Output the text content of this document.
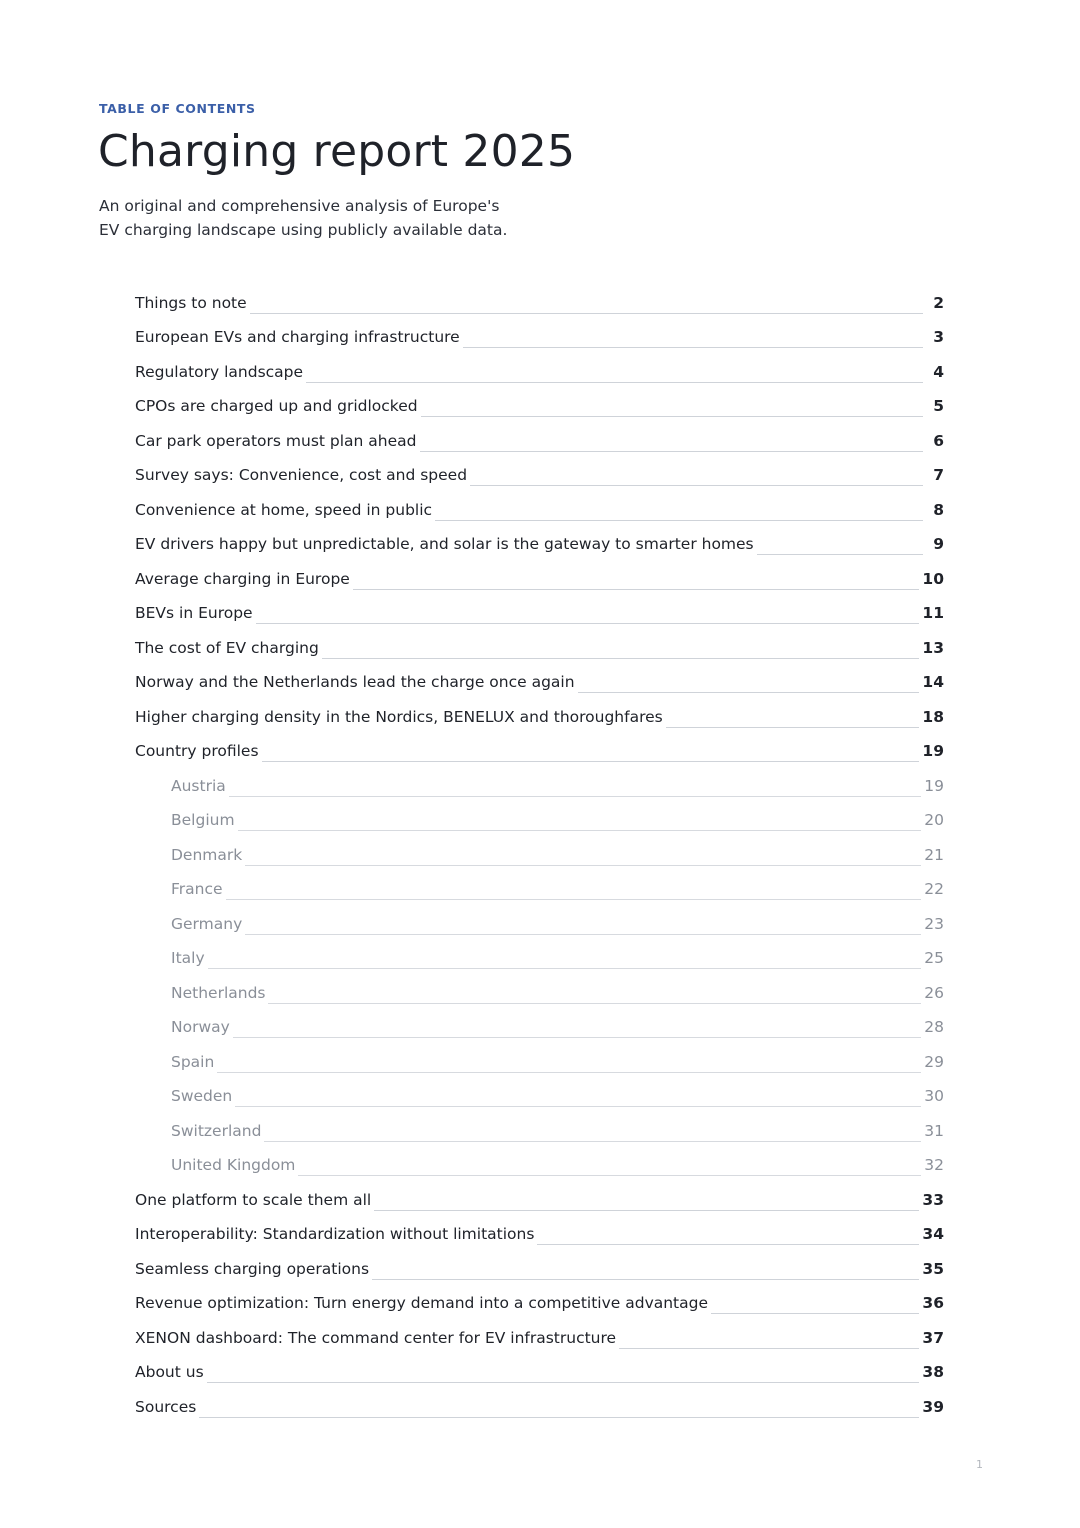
TABLE OF CONTENTS
Charging report 2025
An original and comprehensive analysis of Europe's
EV charging landscape using publicly available data.
Things to note	2
European EVs and charging infrastructure	3
Regulatory landscape	4
CPOs are charged up and gridlocked	5
Car park operators must plan ahead	6
Survey says: Convenience, cost and speed	7
Convenience at home, speed in public	8
EV drivers happy but unpredictable, and solar is the gateway to smarter homes	9
Average charging in Europe	10
BEVs in Europe	11
The cost of EV charging	13
Norway and the Netherlands lead the charge once again	14
Higher charging density in the Nordics, BENELUX and thoroughfares	18
Country profiles	19
Austria	19
Belgium	20
Denmark	21
France	22
Germany	23
Italy	25
Netherlands	26
Norway	28
Spain	29
Sweden	30
Switzerland	31
United Kingdom	32
One platform to scale them all	33
Interoperability: Standardization without limitations	34
Seamless charging operations	35
Revenue optimization: Turn energy demand into a competitive advantage	36
XENON dashboard: The command center for EV infrastructure	37
About us	38
Sources	39
1
